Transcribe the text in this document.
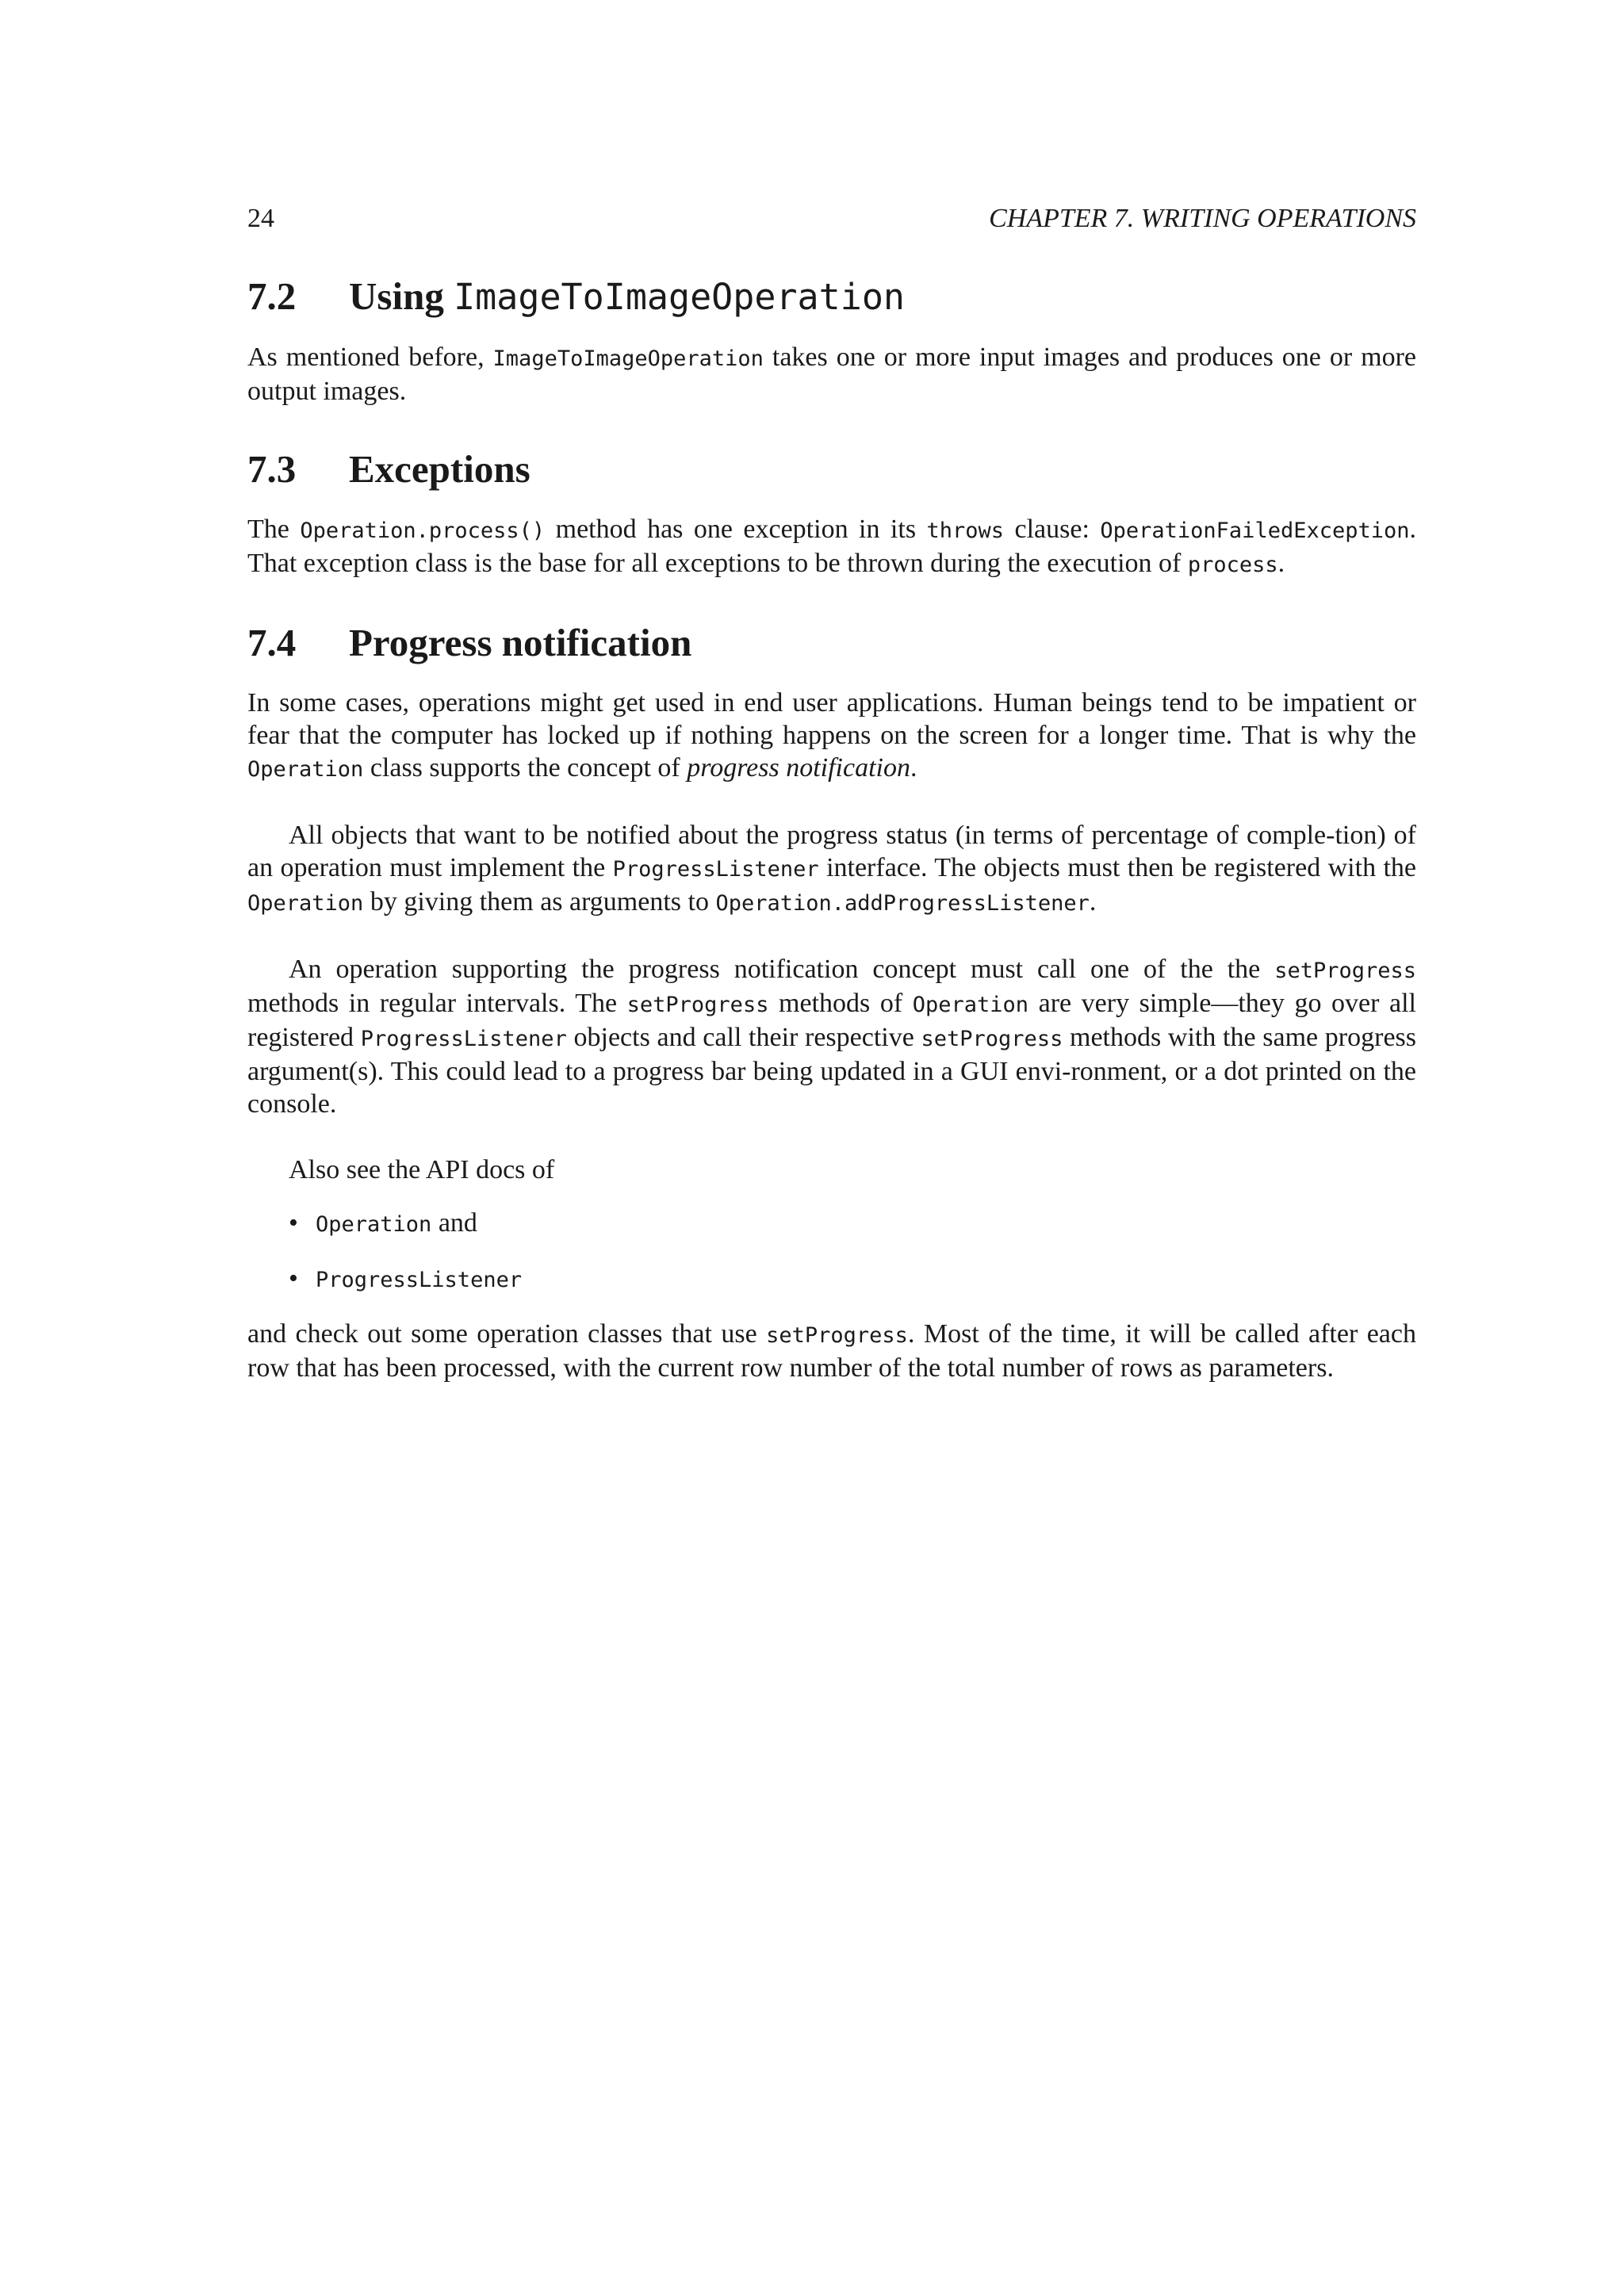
24	CHAPTER 7. WRITING OPERATIONS
7.2	Using ImageToImageOperation

As mentioned before, ImageToImageOperation takes one or more input images and produces one or more output images.

7.3	Exceptions

The Operation.process() method has one exception in its throws clause: OperationFailedException. That exception class is the base for all exceptions to be thrown during the execution of process.

7.4	Progress notification

In some cases, operations might get used in end user applications. Human beings tend to be impatient or fear that the computer has locked up if nothing happens on the screen for a longer time. That is why the Operation class supports the concept of progress notification.

All objects that want to be notified about the progress status (in terms of percentage of comple-tion) of an operation must implement the ProgressListener interface. The objects must then be registered with the Operation by giving them as arguments to Operation.addProgressListener.

An operation supporting the progress notification concept must call one of the the setProgress methods in regular intervals. The setProgress methods of Operation are very simple—they go over all registered ProgressListener objects and call their respective setProgress methods with the same progress argument(s). This could lead to a progress bar being updated in a GUI envi-ronment, or a dot printed on the console.

Also see the API docs of

• Operation and
• ProgressListener

and check out some operation classes that use setProgress. Most of the time, it will be called after each row that has been processed, with the current row number of the total number of rows as parameters.
